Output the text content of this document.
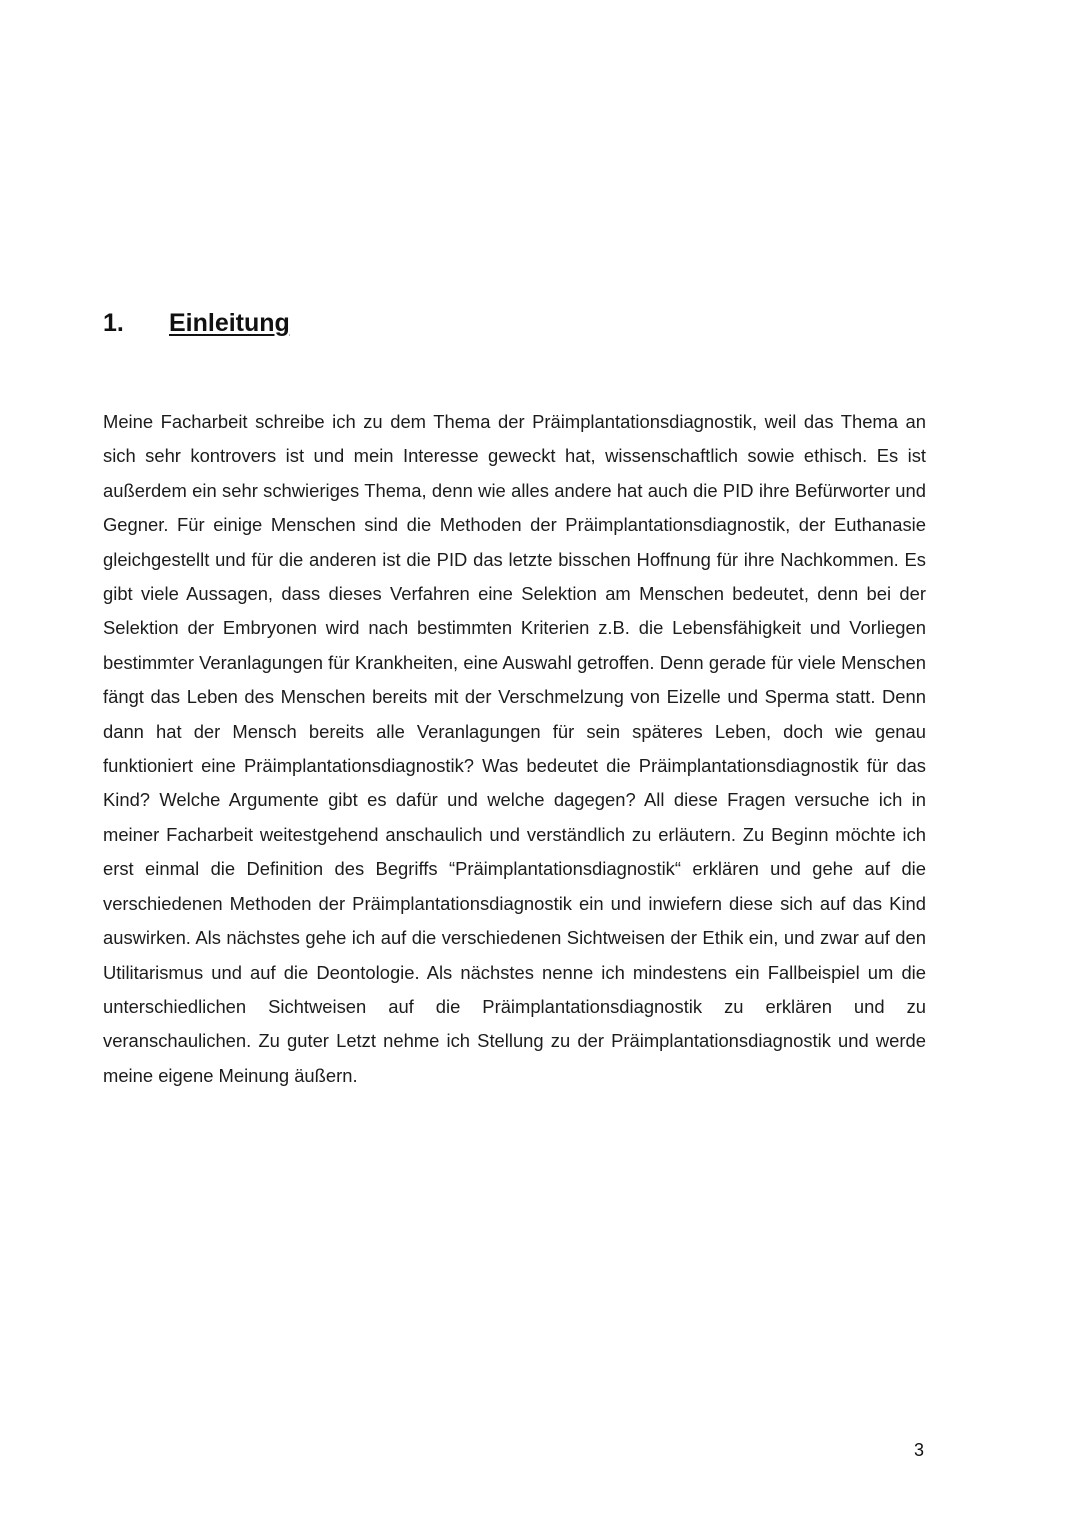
1. Einleitung

Meine Facharbeit schreibe ich zu dem Thema der Präimplantationsdiagnostik, weil das Thema an sich sehr kontrovers ist und mein Interesse geweckt hat, wissenschaftlich sowie ethisch. Es ist außerdem ein sehr schwieriges Thema, denn wie alles andere hat auch die PID ihre Befürworter und Gegner. Für einige Menschen sind die Methoden der Präimplantationsdiagnostik, der Euthanasie gleichgestellt und für die anderen ist die PID das letzte bisschen Hoffnung für ihre Nachkommen. Es gibt viele Aussagen, dass dieses Verfahren eine Selektion am Menschen bedeutet, denn bei der Selektion der Embryonen wird nach bestimmten Kriterien z.B. die Lebensfähigkeit und Vorliegen bestimmter Veranlagungen für Krankheiten, eine Auswahl getroffen. Denn gerade für viele Menschen fängt das Leben des Menschen bereits mit der Verschmelzung von Eizelle und Sperma statt. Denn dann hat der Mensch bereits alle Veranlagungen für sein späteres Leben, doch wie genau funktioniert eine Präimplantationsdiagnostik? Was bedeutet die Präimplantationsdiagnostik für das Kind? Welche Argumente gibt es dafür und welche dagegen? All diese Fragen versuche ich in meiner Facharbeit weitestgehend anschaulich und verständlich zu erläutern. Zu Beginn möchte ich erst einmal die Definition des Begriffs “Präimplantationsdiagnostik“ erklären und gehe auf die verschiedenen Methoden der Präimplantationsdiagnostik ein und inwiefern diese sich auf das Kind auswirken. Als nächstes gehe ich auf die verschiedenen Sichtweisen der Ethik ein, und zwar auf den Utilitarismus und auf die Deontologie. Als nächstes nenne ich mindestens ein Fallbeispiel um die unterschiedlichen Sichtweisen auf die Präimplantationsdiagnostik zu erklären und zu veranschaulichen. Zu guter Letzt nehme ich Stellung zu der Präimplantationsdiagnostik und werde meine eigene Meinung äußern.

3
